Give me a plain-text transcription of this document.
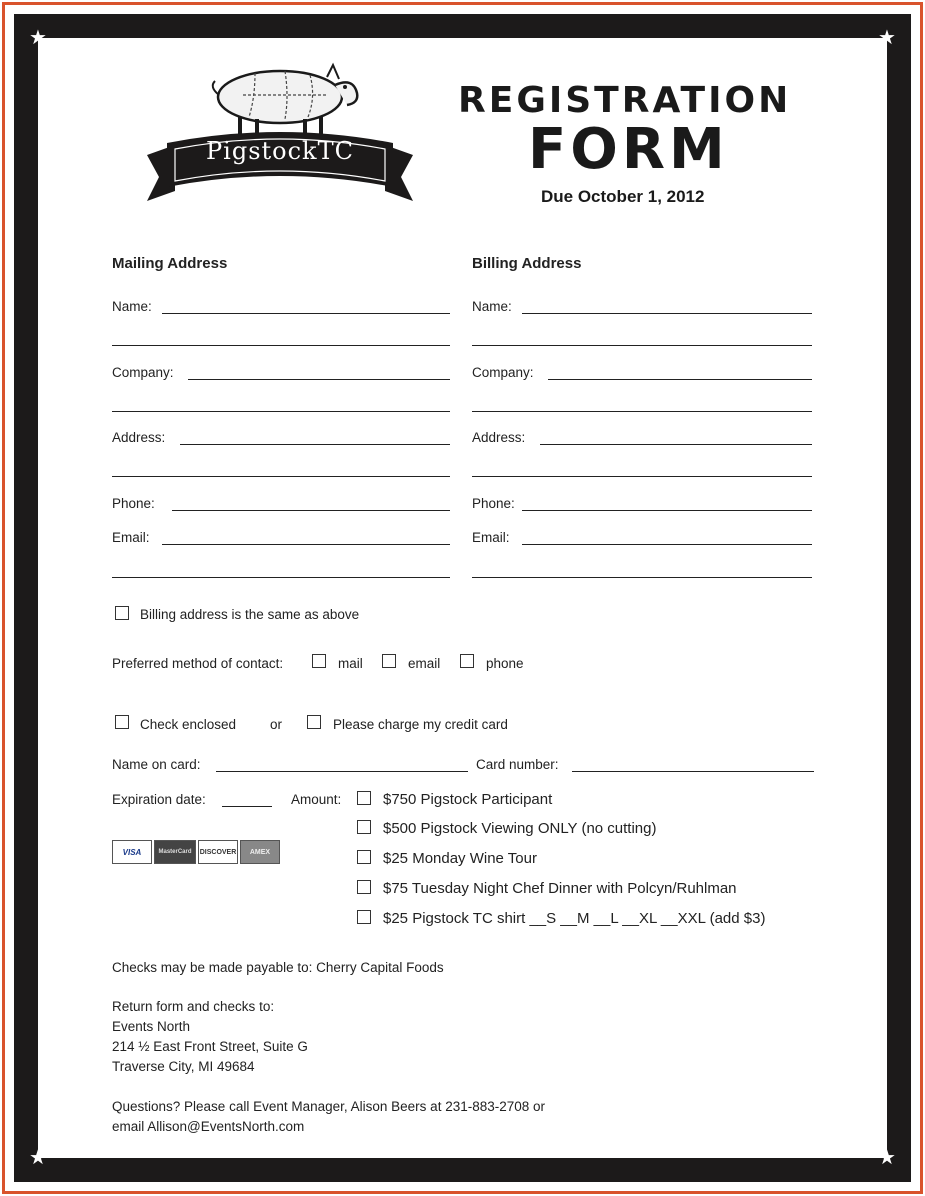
★	★
★	★
PigstockTC
REGISTRATION
FORM
Due October 1, 2012
Mailing Address
Name:
Company:
Address:
Phone:
Email:
Billing Address
Name:
Company:
Address:
Phone:
Email:
Billing address is the same as above
Preferred method of contact:	mail	email	phone
Check enclosed	or	Please charge my credit card
Name on card:	Card number:
Expiration date:	Amount:
VISA	MasterCard	DISCOVER	AMEX
$750 Pigstock Participant
$500 Pigstock Viewing ONLY (no cutting)
$25 Monday Wine Tour
$75 Tuesday Night Chef Dinner with Polcyn/Ruhlman
$25 Pigstock TC shirt __S __M __L __XL __XXL (add $3)
Checks may be made payable to: Cherry Capital Foods
Return form and checks to:
Events North
214 ½ East Front Street, Suite G
Traverse City, MI 49684
Questions? Please call Event Manager, Alison Beers at 231-883-2708 or
email Allison@EventsNorth.com
